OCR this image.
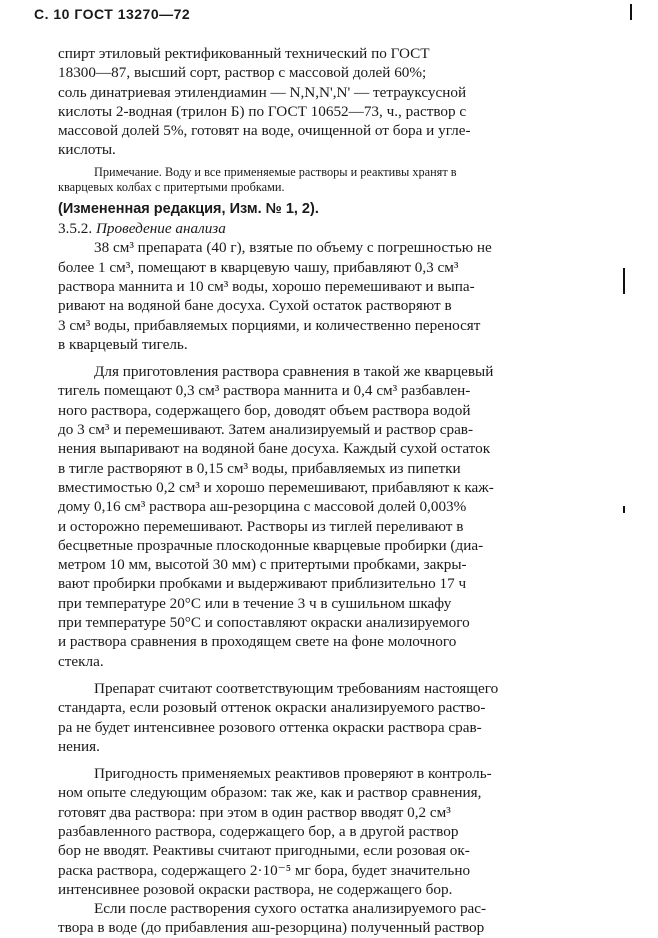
С. 10 ГОСТ 13270—72
спирт этиловый ректификованный технический по ГОСТ
18300—87, высший сорт, раствор с массовой долей 60%;
соль динатриевая этилендиамин — N,N,N',N' — тетрауксусной
кислоты 2-водная (трилон Б) по ГОСТ 10652—73, ч., раствор с
массовой долей 5%, готовят на воде, очищенной от бора и угле-
кислоты.
Примечание. Воду и все применяемые растворы и реактивы хранят в
кварцевых колбах с притертыми пробками.
(Измененная редакция, Изм. № 1, 2).
3.5.2. Проведение анализа
38 см³ препарата (40 г), взятые по объему с погрешностью не
более 1 см³, помещают в кварцевую чашу, прибавляют 0,3 см³
раствора маннита и 10 см³ воды, хорошо перемешивают и выпа-
ривают на водяной бане досуха. Сухой остаток растворяют в
3 см³ воды, прибавляемых порциями, и количественно переносят
в кварцевый тигель.
Для приготовления раствора сравнения в такой же кварцевый
тигель помещают 0,3 см³ раствора маннита и 0,4 см³ разбавлен-
ного раствора, содержащего бор, доводят объем раствора водой
до 3 см³ и перемешивают. Затем анализируемый и раствор срав-
нения выпаривают на водяной бане досуха. Каждый сухой остаток
в тигле растворяют в 0,15 см³ воды, прибавляемых из пипетки
вместимостью 0,2 см³ и хорошо перемешивают, прибавляют к каж-
дому 0,16 см³ раствора аш-резорцина с массовой долей 0,003%
и осторожно перемешивают. Растворы из тиглей переливают в
бесцветные прозрачные плоскодонные кварцевые пробирки (диа-
метром 10 мм, высотой 30 мм) с притертыми пробками, закры-
вают пробирки пробками и выдерживают приблизительно 17 ч
при температуре 20°С или в течение 3 ч в сушильном шкафу
при температуре 50°С и сопоставляют окраски анализируемого
и раствора сравнения в проходящем свете на фоне молочного
стекла.
Препарат считают соответствующим требованиям настоящего
стандарта, если розовый оттенок окраски анализируемого раство-
ра не будет интенсивнее розового оттенка окраски раствора срав-
нения.
Пригодность применяемых реактивов проверяют в контроль-
ном опыте следующим образом: так же, как и раствор сравнения,
готовят два раствора: при этом в один раствор вводят 0,2 см³
разбавленного раствора, содержащего бор, а в другой раствор
бор не вводят. Реактивы считают пригодными, если розовая ок-
раска раствора, содержащего 2·10⁻⁵ мг бора, будет значительно
интенсивнее розовой окраски раствора, не содержащего бор.
Если после растворения сухого остатка анализируемого рас-
твора в воде (до прибавления аш-резорцина) полученный раствор
